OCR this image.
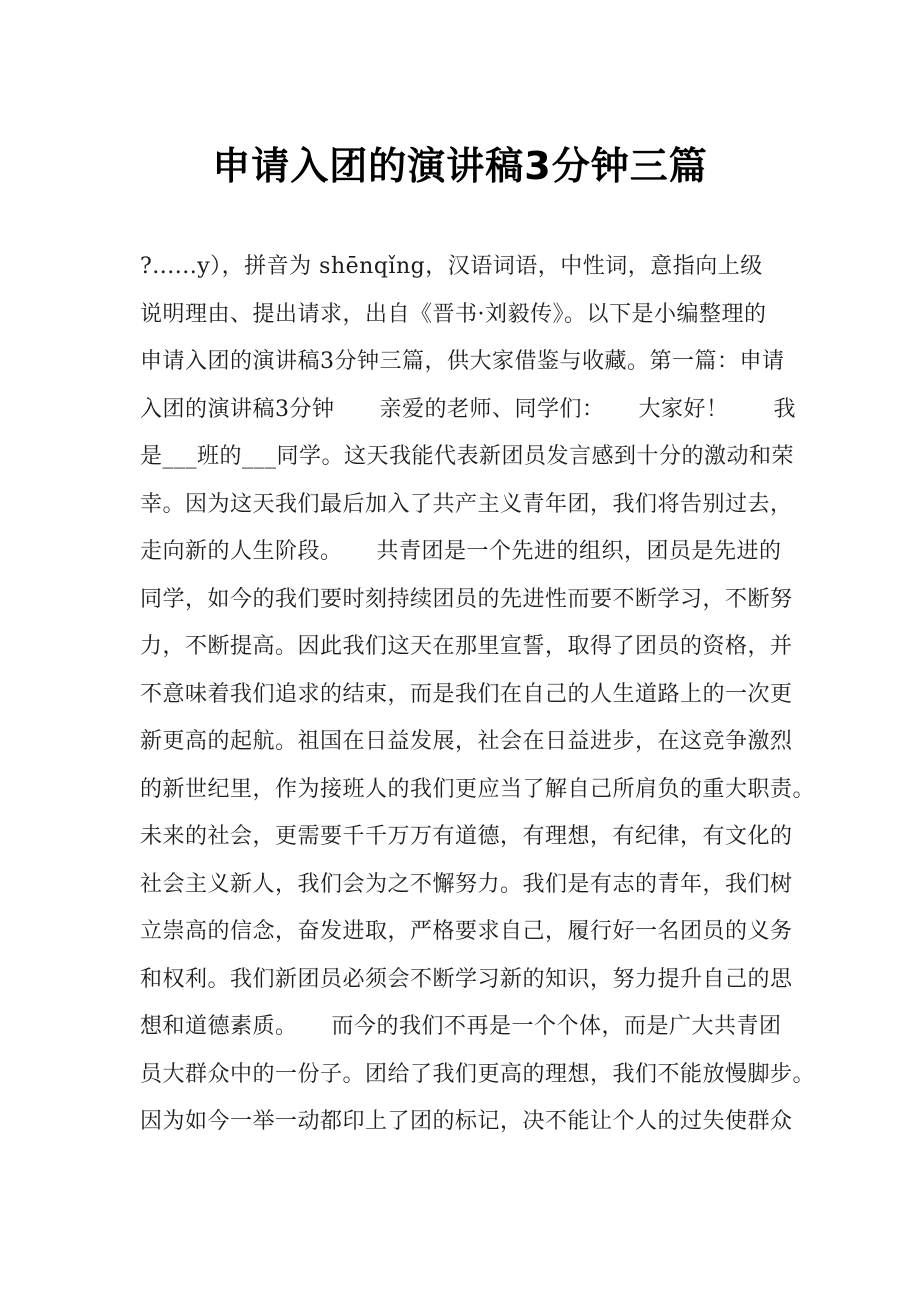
申请入团的演讲稿3分钟三篇
?......y），拼音为 shēnqǐng，汉语词语，中性词，意指向上级
说明理由、提出请求，出自《晋书·刘毅传》。以下是小编整理的
申请入团的演讲稿3分钟三篇，供大家借鉴与收藏。第一篇：申请
入团的演讲稿3分钟　　亲爱的老师、同学们：　　大家好！　　我
是___班的___同学。这天我能代表新团员发言感到十分的激动和荣
幸。因为这天我们最后加入了共产主义青年团，我们将告别过去，
走向新的人生阶段。　　共青团是一个先进的组织，团员是先进的
同学，如今的我们要时刻持续团员的先进性而要不断学习，不断努
力，不断提高。因此我们这天在那里宣誓，取得了团员的资格，并
不意味着我们追求的结束，而是我们在自己的人生道路上的一次更
新更高的起航。祖国在日益发展，社会在日益进步，在这竞争激烈
的新世纪里，作为接班人的我们更应当了解自己所肩负的重大职责。
未来的社会，更需要千千万万有道德，有理想，有纪律，有文化的
社会主义新人，我们会为之不懈努力。我们是有志的青年，我们树
立崇高的信念，奋发进取，严格要求自己，履行好一名团员的义务
和权利。我们新团员必须会不断学习新的知识，努力提升自己的思
想和道德素质。　　而今的我们不再是一个个体，而是广大共青团
员大群众中的一份子。团给了我们更高的理想，我们不能放慢脚步。
因为如今一举一动都印上了团的标记，决不能让个人的过失使群众
